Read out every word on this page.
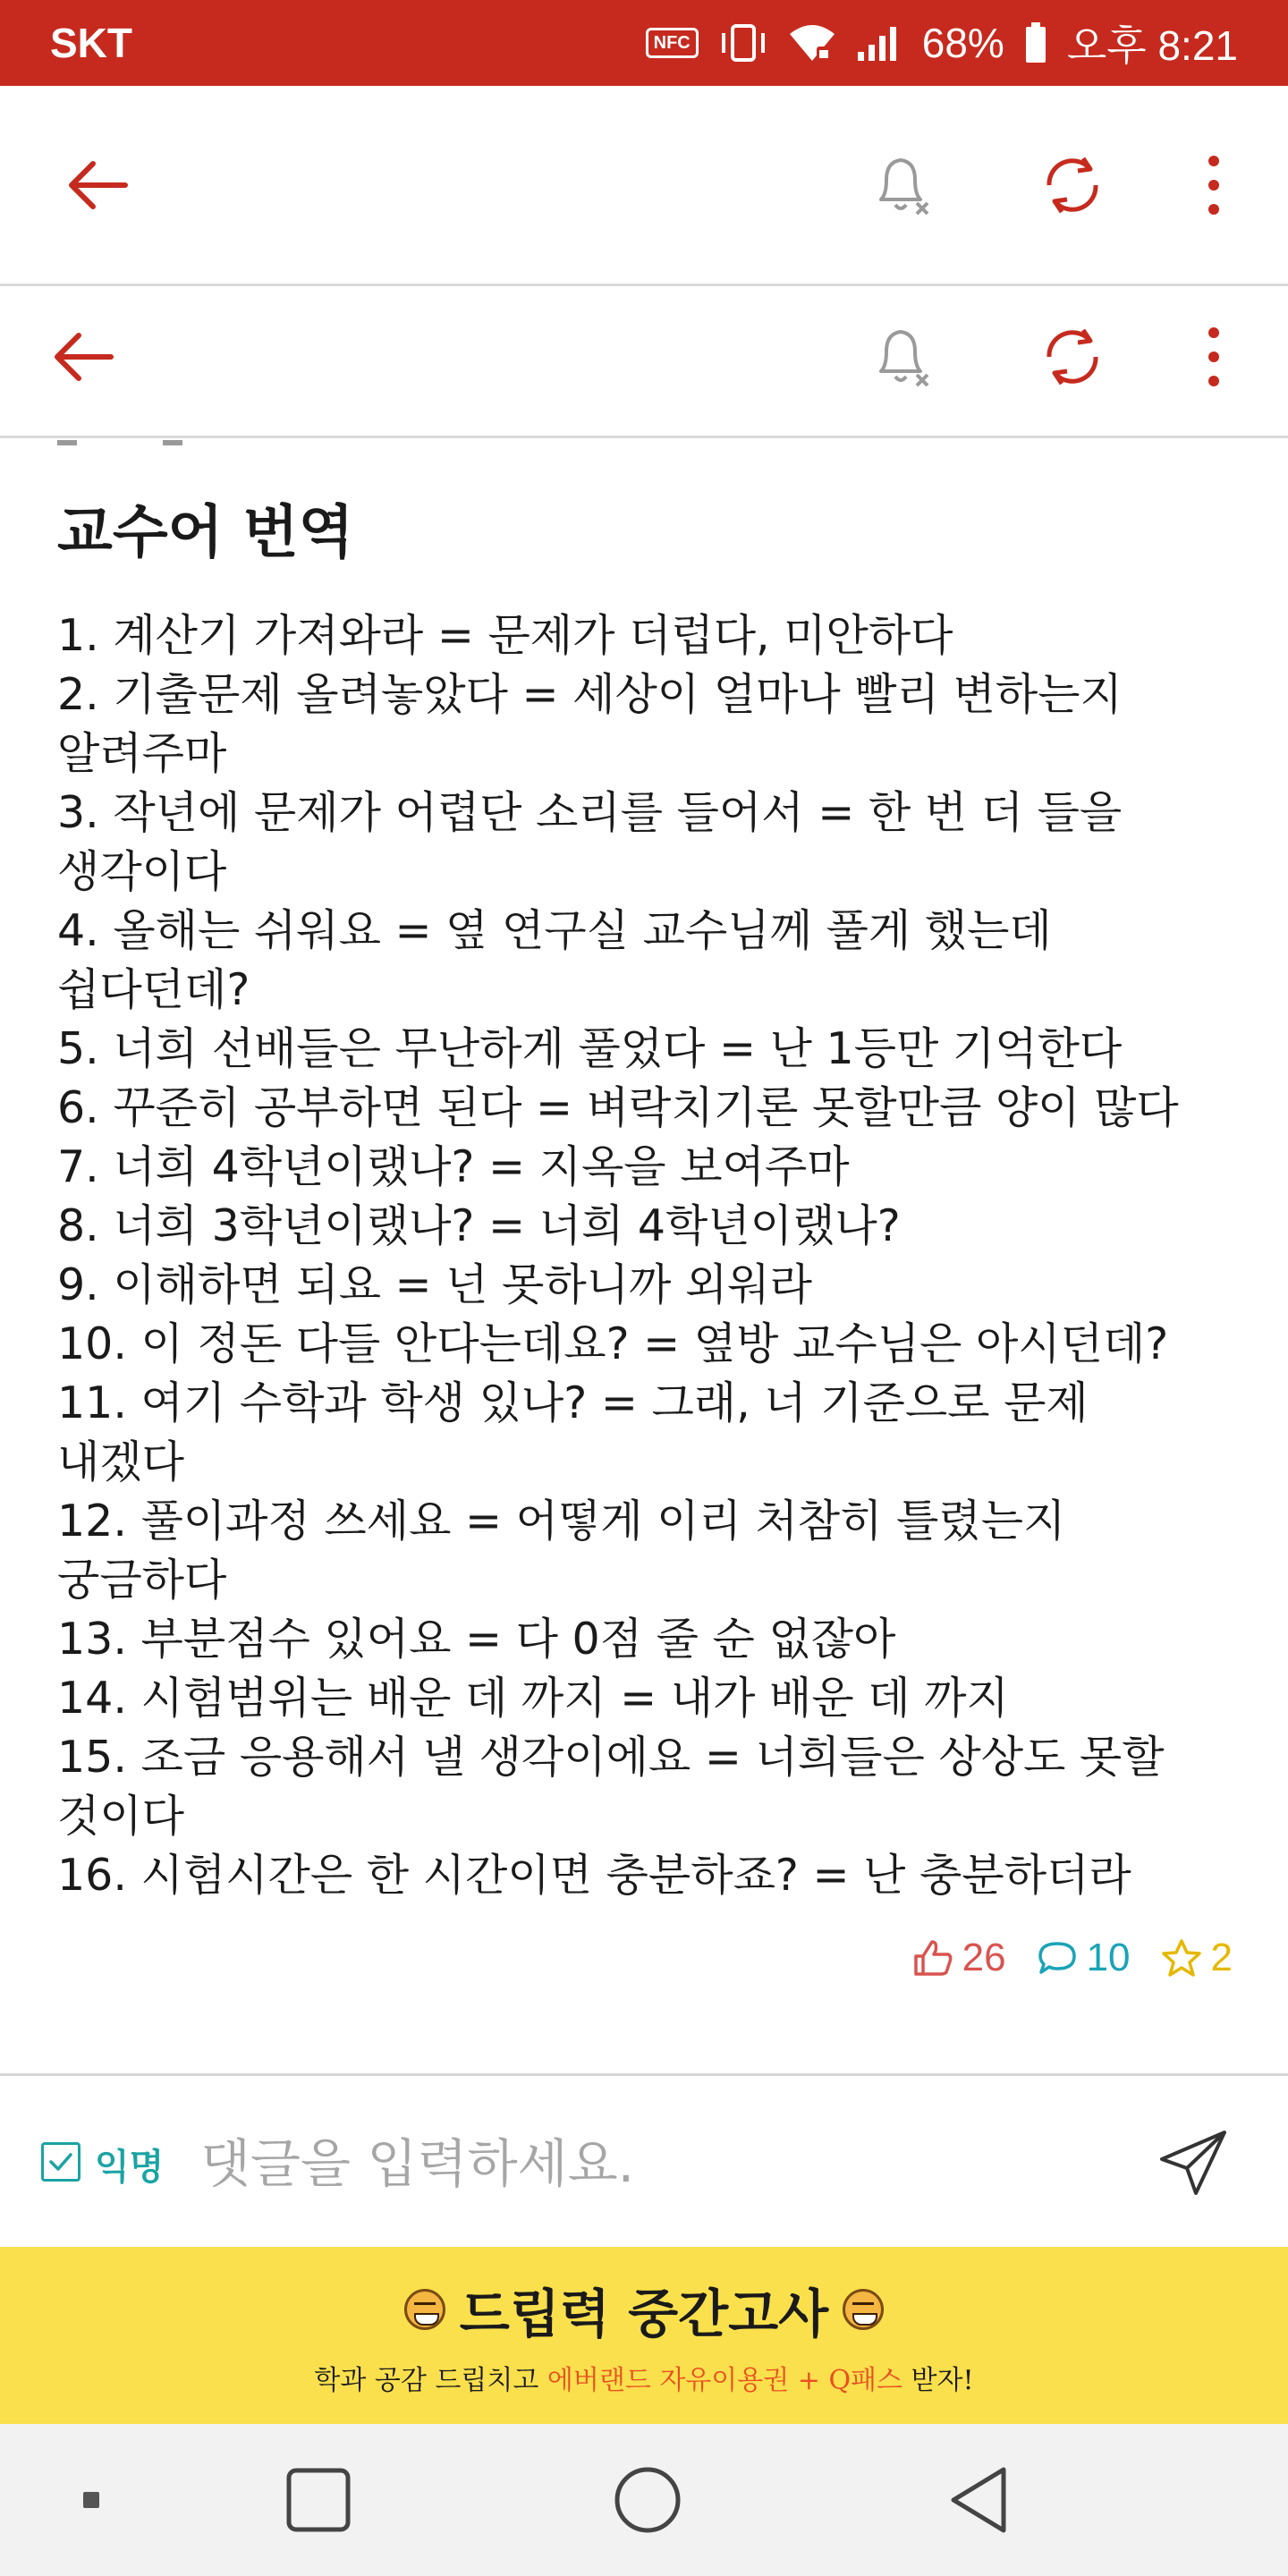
SKT	NFC	68% 오후 8:21
교수어 번역
1. 계산기 가져와라 = 문제가 더럽다, 미안하다
2. 기출문제 올려놓았다 = 세상이 얼마나 빨리 변하는지
알려주마
3. 작년에 문제가 어렵단 소리를 들어서 = 한 번 더 들을
생각이다
4. 올해는 쉬워요 = 옆 연구실 교수님께 풀게 했는데
쉽다던데?
5. 너희 선배들은 무난하게 풀었다 = 난 1등만 기억한다
6. 꾸준히 공부하면 된다 = 벼락치기론 못할만큼 양이 많다
7. 너희 4학년이랬나? = 지옥을 보여주마
8. 너희 3학년이랬나? = 너희 4학년이랬나?
9. 이해하면 되요 = 넌 못하니까 외워라
10. 이 정돈 다들 안다는데요? = 옆방 교수님은 아시던데?
11. 여기 수학과 학생 있나? = 그래, 너 기준으로 문제
내겠다
12. 풀이과정 쓰세요 = 어떻게 이리 처참히 틀렸는지
궁금하다
13. 부분점수 있어요 = 다 0점 줄 순 없잖아
14. 시험범위는 배운 데 까지 = 내가 배운 데 까지
15. 조금 응용해서 낼 생각이에요 = 너희들은 상상도 못할
것이다
16. 시험시간은 한 시간이면 충분하죠? = 난 충분하더라
26 10 2
익명
댓글을 입력하세요.
드립력 중간고사
학과 공감 드립치고 에버랜드 자유이용권 + Q패스 받자!
